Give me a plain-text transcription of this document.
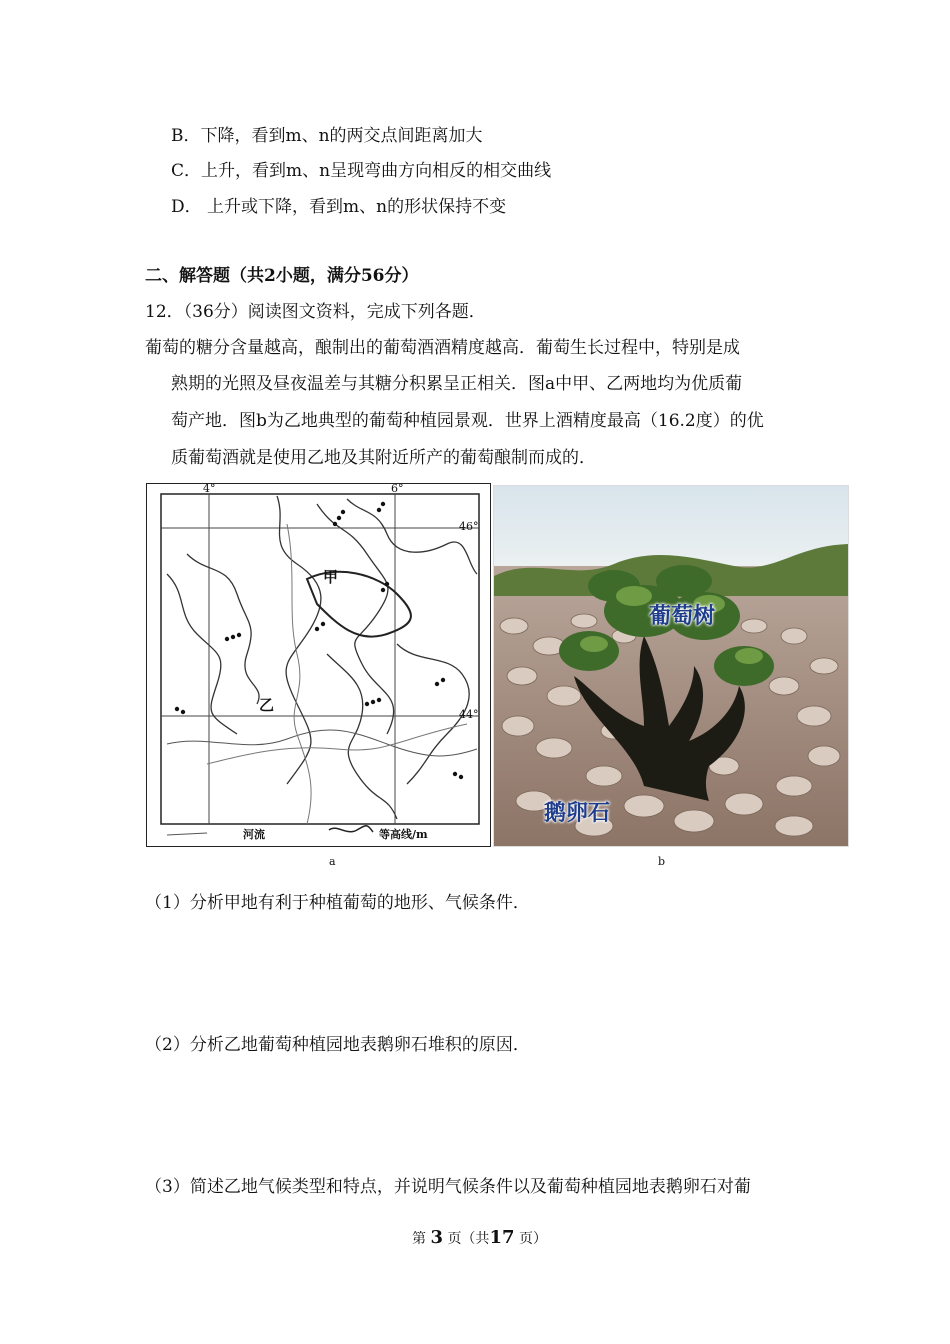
B．下降，看到m、n的两交点间距离加大
C．上升，看到m、n呈现弯曲方向相反的相交曲线
D． 上升或下降，看到m、n的形状保持不变
二、解答题（共2小题，满分56分）
12．（36分）阅读图文资料，完成下列各题．
葡萄的糖分含量越高，酿制出的葡萄酒酒精度越高．葡萄生长过程中，特别是成
熟期的光照及昼夜温差与其糖分积累呈正相关．图a中甲、乙两地均为优质葡
萄产地．图b为乙地典型的葡萄种植园景观．世界上酒精度最高（16.2度）的优
质葡萄酒就是使用乙地及其附近所产的葡萄酿制而成的．
4°	6°
46°
44°
甲
乙
河流	等高线/m
葡萄树
鹅卵石
a	b
（1）分析甲地有利于种植葡萄的地形、气候条件．
（2）分析乙地葡萄种植园地表鹅卵石堆积的原因．
（3）简述乙地气候类型和特点，并说明气候条件以及葡萄种植园地表鹅卵石对葡
第 3 页（共17 页）
